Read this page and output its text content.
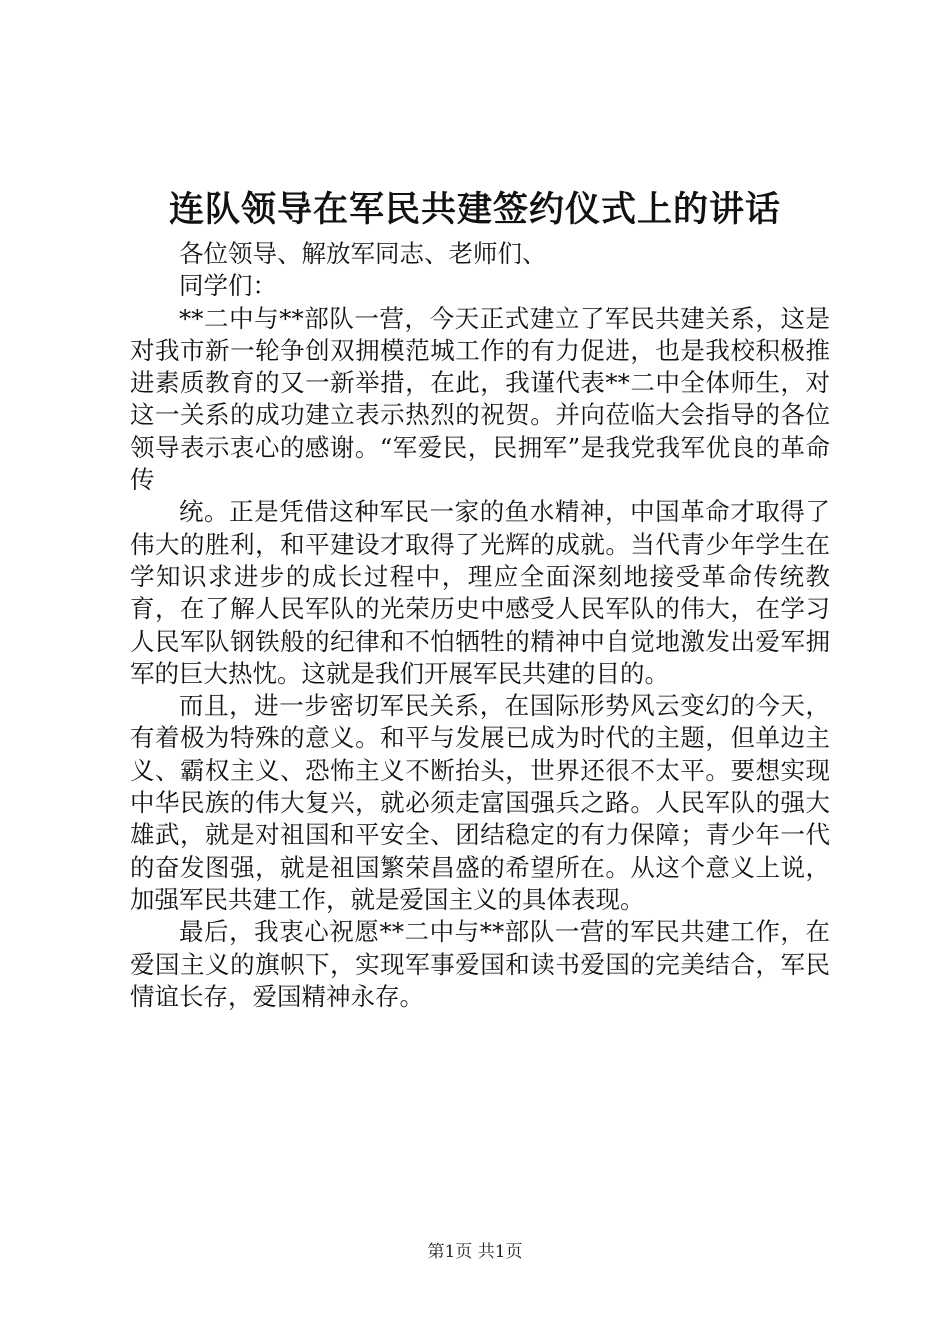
连队领导在军民共建签约仪式上的讲话

各位领导、解放军同志、老师们、

同学们：

**二中与**部队一营，今天正式建立了军民共建关系，这是对我市新一轮争创双拥模范城工作的有力促进，也是我校积极推进素质教育的又一新举措，在此，我谨代表**二中全体师生，对这一关系的成功建立表示热烈的祝贺。并向莅临大会指导的各位领导表示衷心的感谢。“军爱民，民拥军”是我党我军优良的革命传

统。正是凭借这种军民一家的鱼水精神，中国革命才取得了伟大的胜利，和平建设才取得了光辉的成就。当代青少年学生在学知识求进步的成长过程中，理应全面深刻地接受革命传统教育，在了解人民军队的光荣历史中感受人民军队的伟大，在学习人民军队钢铁般的纪律和不怕牺牲的精神中自觉地激发出爱军拥军的巨大热忱。这就是我们开展军民共建的目的。

而且，进一步密切军民关系，在国际形势风云变幻的今天，有着极为特殊的意义。和平与发展已成为时代的主题，但单边主义、霸权主义、恐怖主义不断抬头，世界还很不太平。要想实现中华民族的伟大复兴，就必须走富国强兵之路。人民军队的强大雄武，就是对祖国和平安全、团结稳定的有力保障；青少年一代的奋发图强，就是祖国繁荣昌盛的希望所在。从这个意义上说，加强军民共建工作，就是爱国主义的具体表现。

最后，我衷心祝愿**二中与**部队一营的军民共建工作，在爱国主义的旗帜下，实现军事爱国和读书爱国的完美结合，军民情谊长存，爱国精神永存。

第1页 共1页
